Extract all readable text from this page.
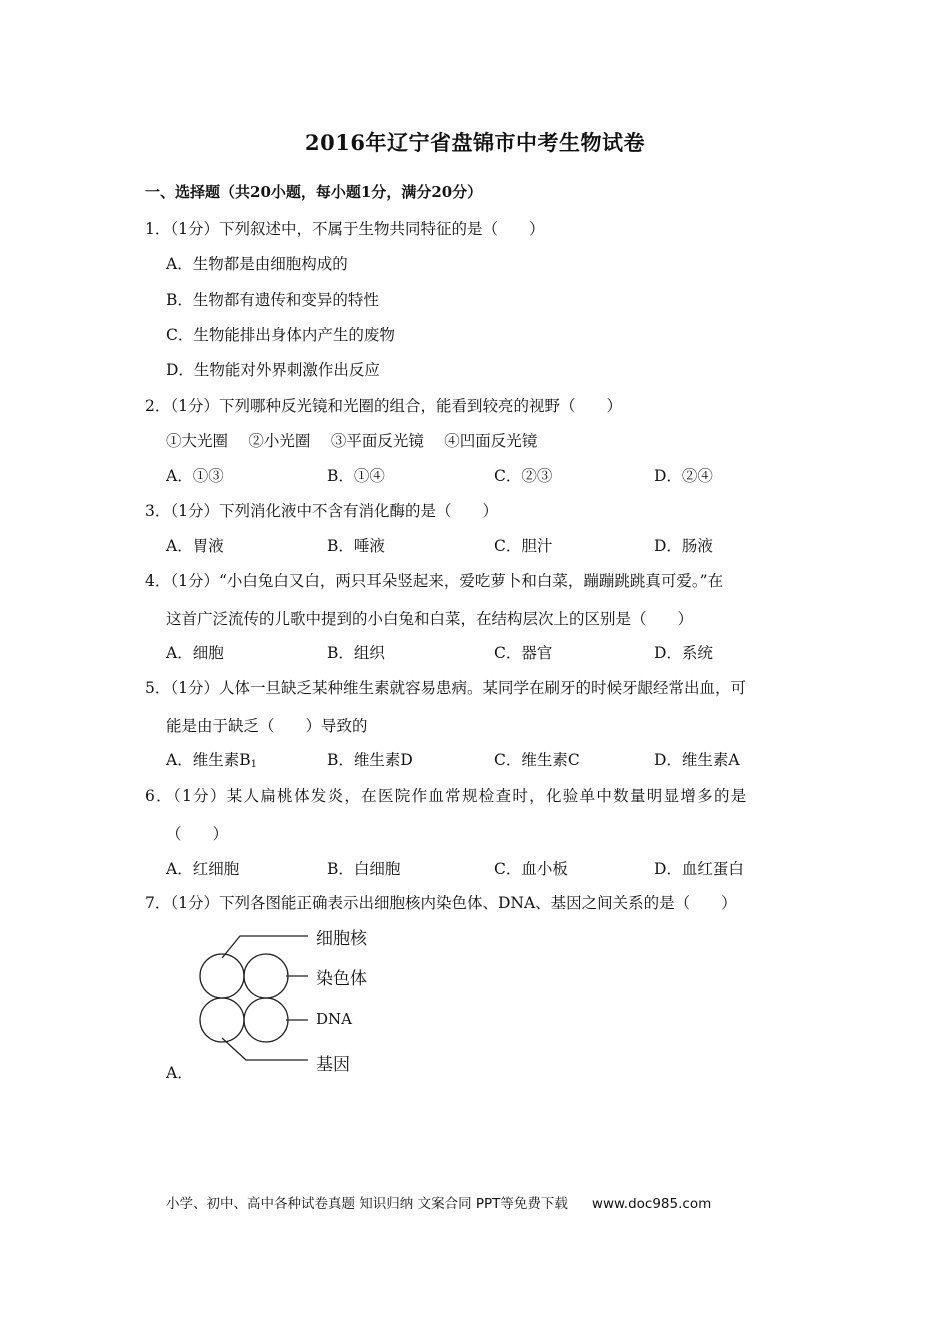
2016年辽宁省盘锦市中考生物试卷
一、选择题（共20小题，每小题1分，满分20分）
1．（1分）下列叙述中，不属于生物共同特征的是（　　）
A．生物都是由细胞构成的
B．生物都有遗传和变异的特性
C．生物能排出身体内产生的废物
D．生物能对外界刺激作出反应
2．（1分）下列哪种反光镜和光圈的组合，能看到较亮的视野（　　）
①大光圈　 ②小光圈　 ③平面反光镜　 ④凹面反光镜
A．①③	B．①④	C．②③	D．②④
3．（1分）下列消化液中不含有消化酶的是（　　）
A．胃液	B．唾液	C．胆汁	D．肠液
4．（1分）“小白兔白又白，两只耳朵竖起来，爱吃萝卜和白菜，蹦蹦跳跳真可爱。”在
这首广泛流传的儿歌中提到的小白兔和白菜，在结构层次上的区别是（　　）
A．细胞	B．组织	C．器官	D．系统
5．（1分）人体一旦缺乏某种维生素就容易患病。某同学在刷牙的时候牙龈经常出血，可
能是由于缺乏（　　）导致的
A．维生素$B_1$	B．维生素D	C．维生素C	D．维生素A
6．（1分）某人扁桃体发炎，在医院作血常规检查时，化验单中数量明显增多的是
（　　）
A．红细胞	B．白细胞	C．血小板	D．血红蛋白
7．（1分）下列各图能正确表示出细胞核内染色体、DNA、基因之间关系的是（　　）
细胞核
染色体
DNA
基因
A．
小学、初中、高中各种试卷真题 知识归纳 文案合同 PPT等免费下载 www.doc985.com
